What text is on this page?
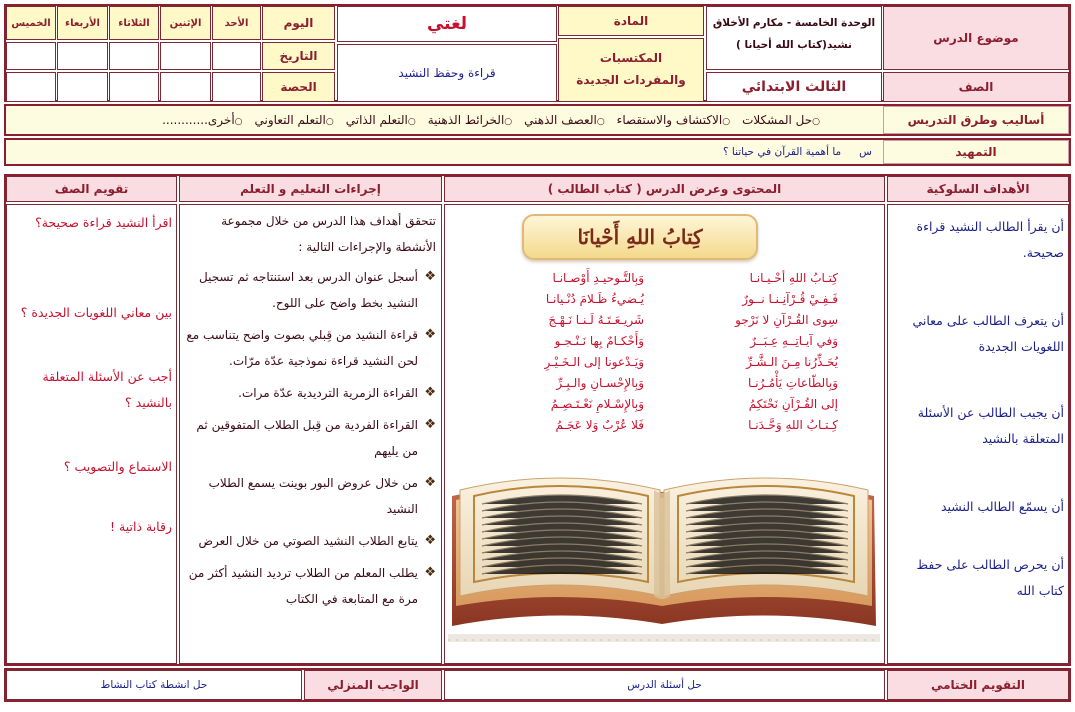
موضوع الدرس
الصف
الوحدة الخامسة - مكارم الأخلاق
نشيد(كتاب الله أحيانا )
الثالث الابتدائي
المادة
المكتسبات
والمفردات الجديدة
لغتي
قراءة وحفظ النشيد
اليوم
التاريخ
الحصة
الأحد
الإثنين
الثلاثاء
الأربعاء
الخميس
أساليب وطرق التدريس
○حل المشكلات
○الاكتشاف والاستقصاء
○العصف الذهني
○الخرائط الذهنية
○التعلم الذاتي
○التعلم التعاوني
○أخرى............
التمهيد
س
ما أهمية القرآن في حياتنا ؟
الأهداف السلوكية
المحتوى وعرض الدرس ( كتاب الطالب )
إجراءات التعليم و التعلم
تقويم الصف
أن يقرأ الطالب النشيد قراءة صحيحة.
أن يتعرف الطالب على معاني اللغويات الجديدة
أن يجيب الطالب عن الأسئلة المتعلقة بالنشيد
أن يسمّع الطالب النشيد
أن يحرص الطالب على حفظ كتاب الله
كِتابُ اللهِ أَحْيانَا
كِتـابُ اللهِ أحْـيـانـا
فَـفِـيْ قُـرْآنِـنـا نــورٌ
سِوى القُـرْآنِ لا نَرْجو
وَفي آيـاتِــهِ عِـبَــرٌ
يُحَـذِّرُنا مِـنَ الـشَّـرِّ
وَبِالطّاعاتِ يَأْمُـرُنـا
إلى القُـرْآنِ نَحْتَكِمُ
كِـتـابُ اللهِ وَحَّـدَنـا
وَبِالتَّـوحيـدِ أَوْصـانـا
يُـضيءُ ظَـلامَ دُنْـيانـا
شَريـعَـتَـهُ لَـنـا نَـهْـجَ
وَأَحْكـامٌ بِها نَـنْـجـو
وَيَـدْعونا إلى الـخَـيْـرِ
وَبِالإِحْسـانِ والـبِـرِّ
وَبِالإِسْـلامِ نَعْـتَـصِـمُ
فَلا عُرْبٌ وَلا عَجَـمُ
تتحقق أهداف هذا الدرس من خلال مجموعة الأنشطة والإجراءات التالية :
❖
أسجل عنوان الدرس بعد استنتاجه ثم تسجيل النشيد بخط واضح على اللوح.
❖
قراءة النشيد من قِبلي بصوت واضح يتناسب مع لحن النشيد قراءة نموذجية عدّة مرّات.
❖
القراءة الزمرية الترديدية عدّة مرات.
❖
القراءة الفردية من قِبل الطلاب المتفوقين ثم من يليهم
❖
من خلال عروض البور بوينت يسمع الطلاب النشيد
❖
يتابع الطلاب النشيد الصوتي من خلال العرض
❖
يطلب المعلم من الطلاب ترديد النشيد أكثر من مرة مع المتابعة في الكتاب
اقرأ النشيد قراءة صحيحة؟
بين معاني اللغويات الجديدة ؟
أجب عن الأسئلة المتعلقة بالنشيد ؟
الاستماع والتصويب ؟
رقابة ذاتية !
التقويم الختامي
حل أسئلة الدرس
الواجب المنزلي
حل انشطة كتاب النشاط
